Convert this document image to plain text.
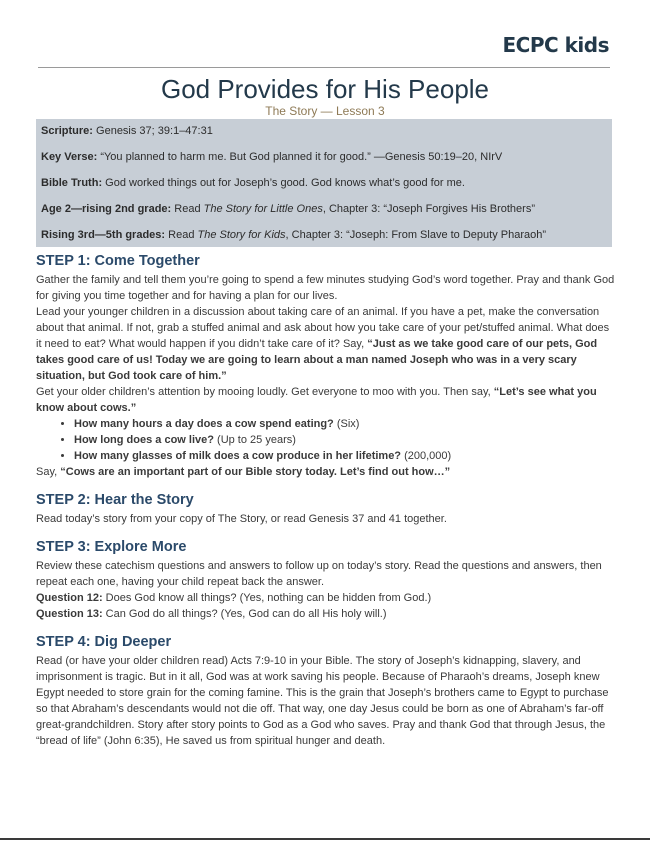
ECPC kids
God Provides for His People
The Story — Lesson 3
Scripture: Genesis 37; 39:1–47:31
Key Verse: “You planned to harm me. But God planned it for good.” —Genesis 50:19–20, NIrV
Bible Truth: God worked things out for Joseph’s good. God knows what’s good for me.
Age 2—rising 2nd grade: Read The Story for Little Ones, Chapter 3: “Joseph Forgives His Brothers”
Rising 3rd—5th grades: Read The Story for Kids, Chapter 3: “Joseph: From Slave to Deputy Pharaoh”
STEP 1: Come Together

Gather the family and tell them you’re going to spend a few minutes studying God’s word together. Pray and thank God for giving you time together and for having a plan for our lives.

Lead your younger children in a discussion about taking care of an animal. If you have a pet, make the conversation about that animal. If not, grab a stuffed animal and ask about how you take care of your pet/stuffed animal. What does it need to eat? What would happen if you didn’t take care of it? Say, “Just as we take good care of our pets, God takes good care of us! Today we are going to learn about a man named Joseph who was in a very scary situation, but God took care of him.”

Get your older children’s attention by mooing loudly. Get everyone to moo with you. Then say, “Let’s see what you know about cows.”

• How many hours a day does a cow spend eating? (Six)
• How long does a cow live? (Up to 25 years)
• How many glasses of milk does a cow produce in her lifetime? (200,000)

Say, “Cows are an important part of our Bible story today. Let’s find out how…”

STEP 2: Hear the Story

Read today’s story from your copy of The Story, or read Genesis 37 and 41 together.

STEP 3: Explore More

Review these catechism questions and answers to follow up on today’s story. Read the questions and answers, then repeat each one, having your child repeat back the answer.

Question 12: Does God know all things? (Yes, nothing can be hidden from God.)

Question 13: Can God do all things? (Yes, God can do all His holy will.)

STEP 4: Dig Deeper

Read (or have your older children read) Acts 7:9-10 in your Bible. The story of Joseph’s kidnapping, slavery, and imprisonment is tragic. But in it all, God was at work saving his people. Because of Pharaoh’s dreams, Joseph knew Egypt needed to store grain for the coming famine. This is the grain that Joseph’s brothers came to Egypt to purchase so that Abraham’s descendants would not die off. That way, one day Jesus could be born as one of Abraham’s far-off great-grandchildren. Story after story points to God as a God who saves. Pray and thank God that through Jesus, the “bread of life” (John 6:35), He saved us from spiritual hunger and death.
